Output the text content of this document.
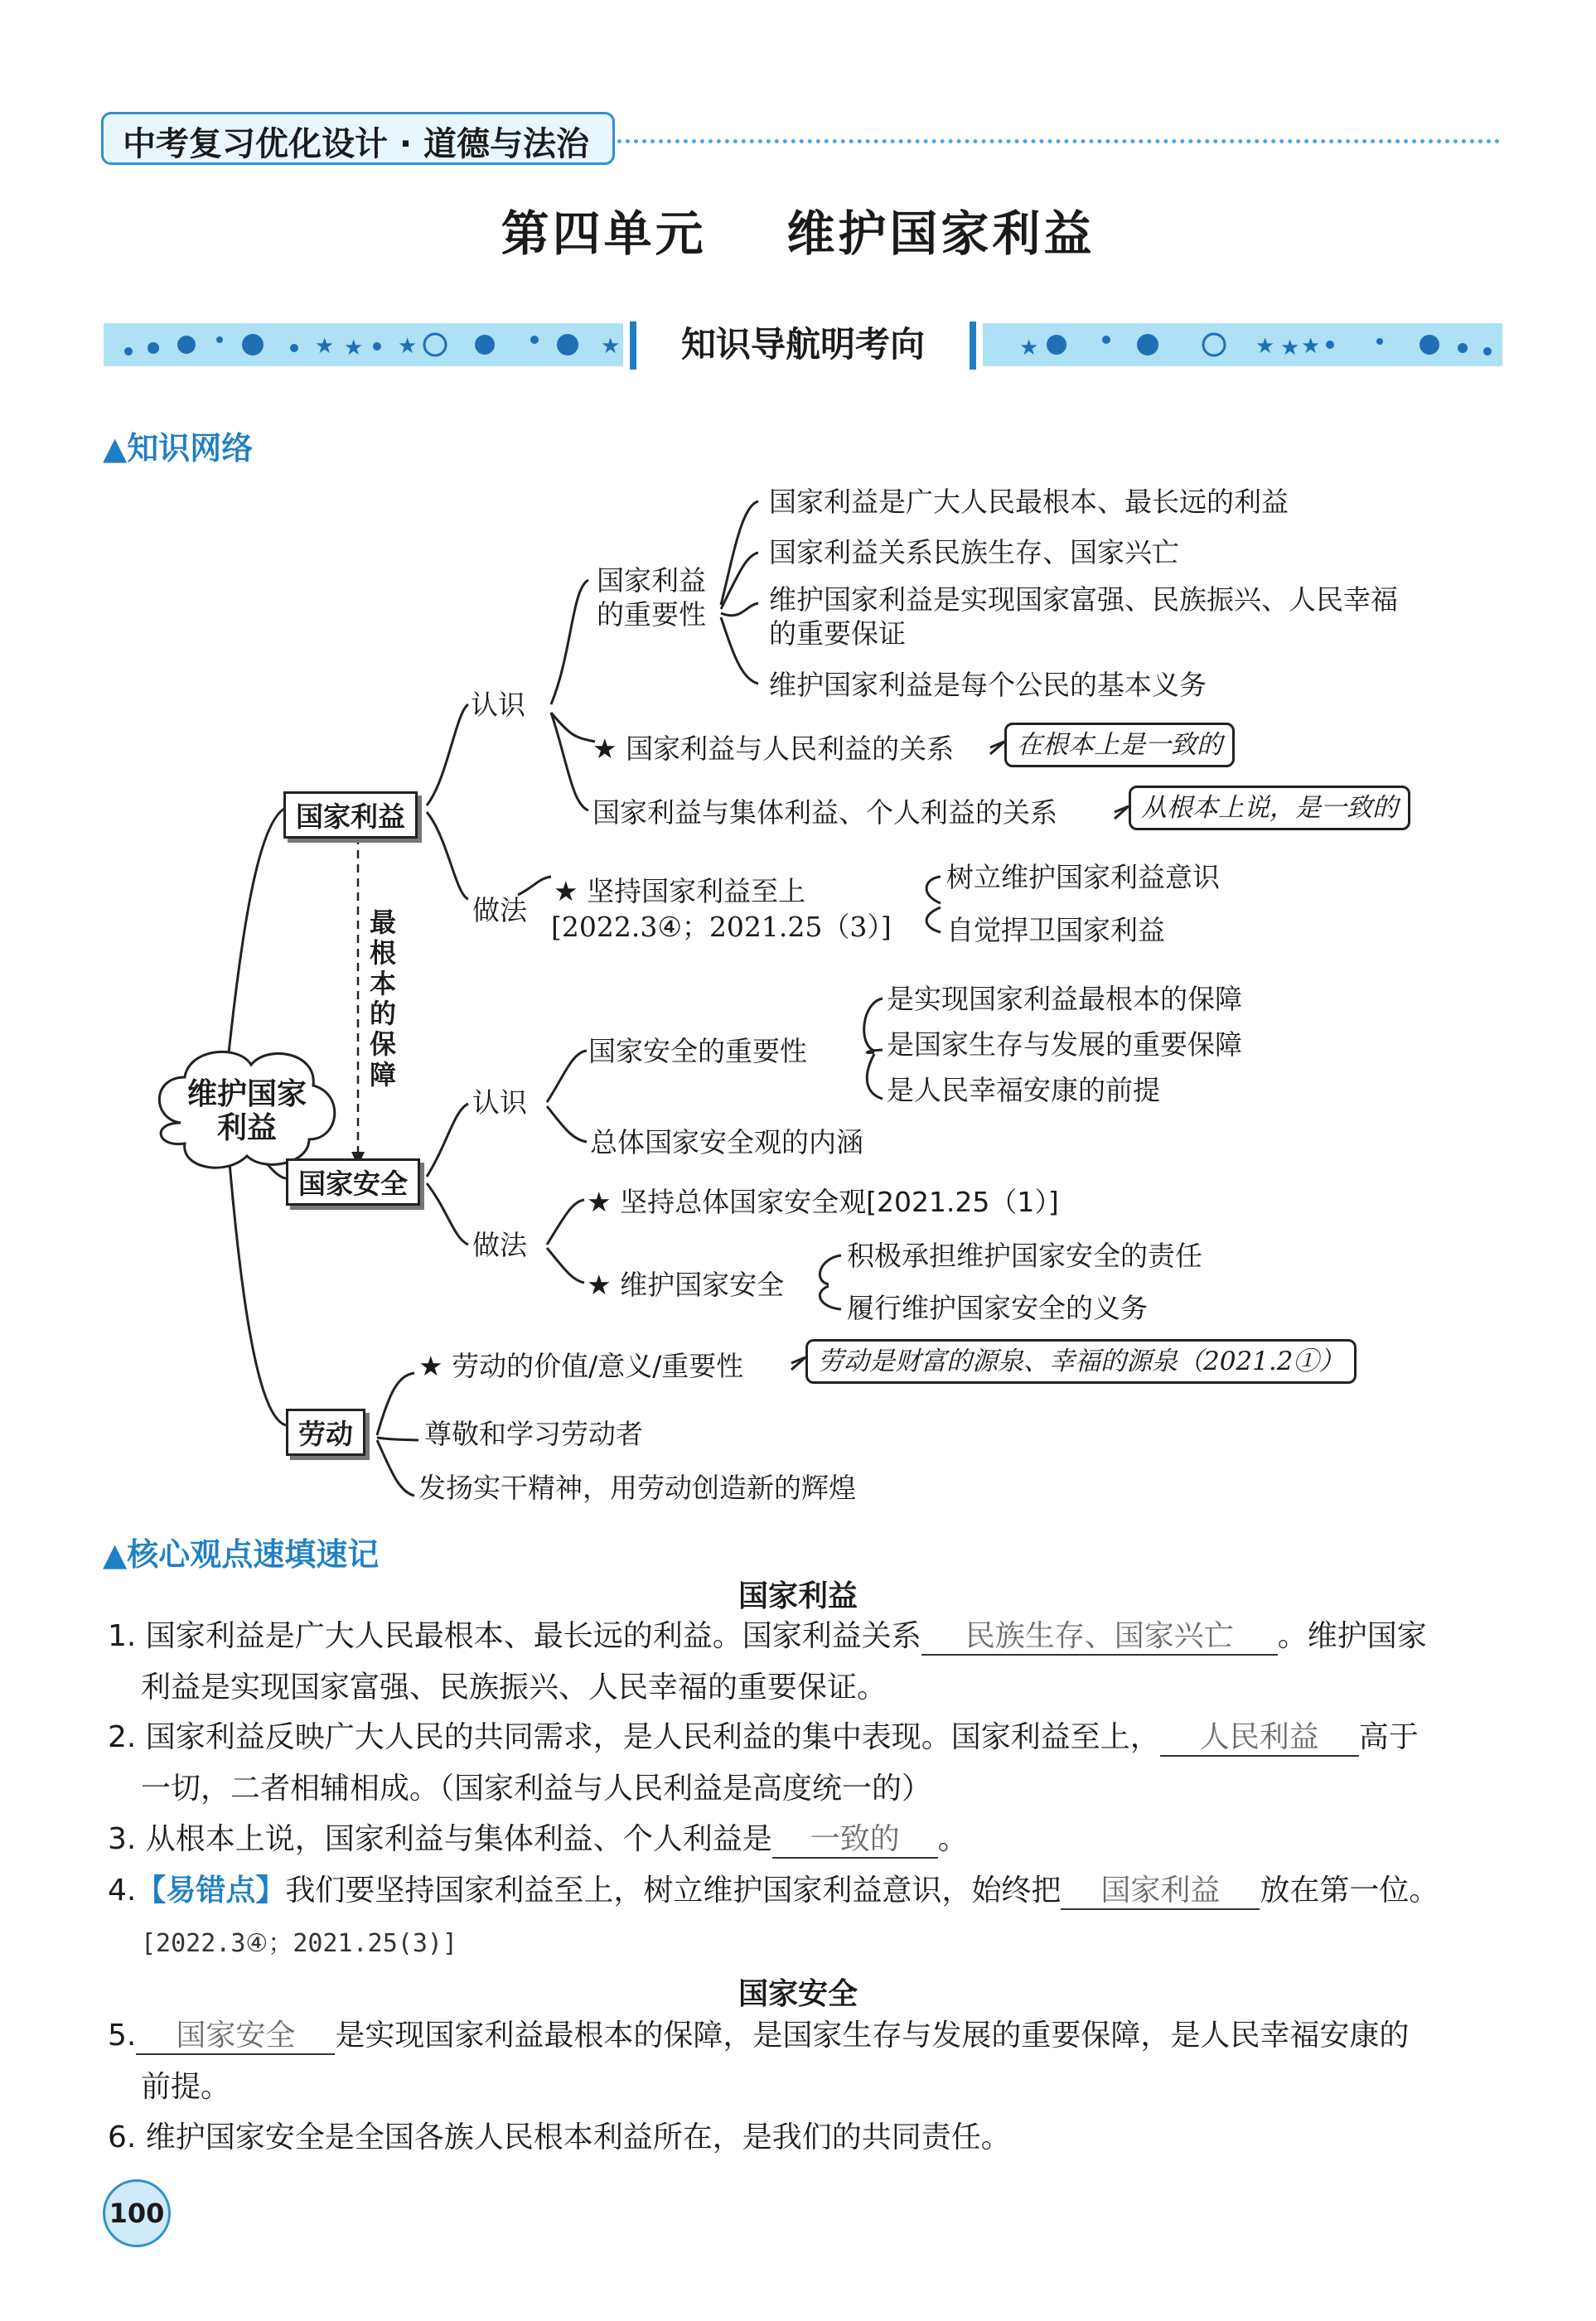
中考复习优化设计 · 道德与法治
第四单元    维护国家利益
★ ★ ★	★	★	★ ★ ★
知识导航明考向
▲知识网络
维护国家
利益
国家利益
国家安全
劳动
最根本的保障
认识
国家利益
的重要性
国家利益是广大人民最根本、最长远的利益
国家利益关系民族生存、国家兴亡
维护国家利益是实现国家富强、民族振兴、人民幸福
的重要保证
维护国家利益是每个公民的基本义务
★ 国家利益与人民利益的关系	在根本上是一致的
国家利益与集体利益、个人利益的关系	从根本上说，是一致的
做法
★ 坚持国家利益至上
[2022.3④；2021.25（3）]
树立维护国家利益意识
自觉捍卫国家利益
认识
国家安全的重要性
是实现国家利益最根本的保障
是国家生存与发展的重要保障
是人民幸福安康的前提
总体国家安全观的内涵
做法
★ 坚持总体国家安全观[2021.25（1）]
★ 维护国家安全
积极承担维护国家安全的责任
履行维护国家安全的义务
★ 劳动的价值/意义/重要性	劳动是财富的源泉、幸福的源泉（2021.2①）
尊敬和学习劳动者
发扬实干精神，用劳动创造新的辉煌
▲核心观点速填速记
国家利益
1. 国家利益是广大人民最根本、最长远的利益。国家利益关系 民族生存、国家兴亡 。维护国家
利益是实现国家富强、民族振兴、人民幸福的重要保证。
2. 国家利益反映广大人民的共同需求，是人民利益的集中表现。国家利益至上， 人民利益 高于
一切，二者相辅相成。（国家利益与人民利益是高度统一的）
3. 从根本上说，国家利益与集体利益、个人利益是 一致的 。
4.【易错点】我们要坚持国家利益至上，树立维护国家利益意识，始终把 国家利益 放在第一位。
[2022.3④；2021.25(3)]
国家安全
5. 国家安全 是实现国家利益最根本的保障，是国家生存与发展的重要保障，是人民幸福安康的
前提。
6. 维护国家安全是全国各族人民根本利益所在，是我们的共同责任。
100
